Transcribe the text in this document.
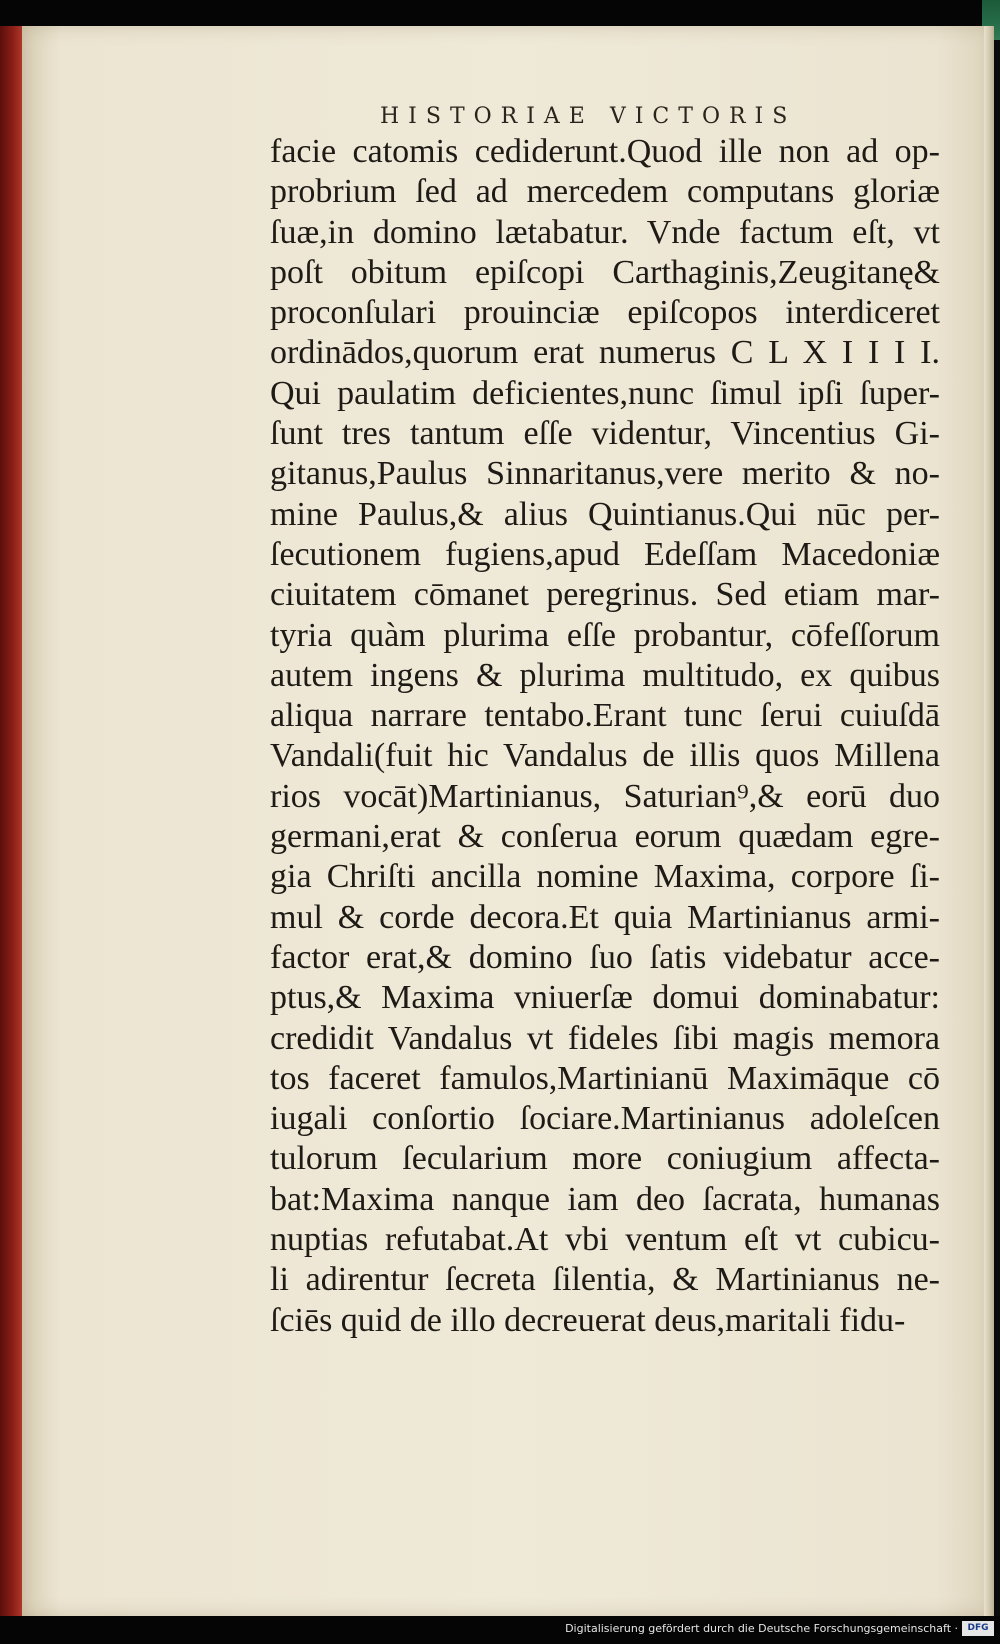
HISTORIAE VICTORIS
facie catomis cediderunt.Quod ille non ad op-
probrium ſed ad mercedem computans gloriæ
ſuæ,in domino lætabatur. Vnde factum eſt, vt
poſt obitum epiſcopi Carthaginis,Zeugitanę&
proconſulari prouinciæ epiſcopos interdiceret
ordinādos,quorum erat numerus C L X I I I I.
Qui paulatim deficientes,nunc ſimul ipſi ſuper-
ſunt tres tantum eſſe videntur, Vincentius Gi-
gitanus,Paulus Sinnaritanus,vere merito & no-
mine Paulus,& alius Quintianus.Qui nūc per-
ſecutionem fugiens,apud Edeſſam Macedoniæ
ciuitatem cōmanet peregrinus. Sed etiam mar-
tyria quàm plurima eſſe probantur, cōfeſſorum
autem ingens & plurima multitudo, ex quibus
aliqua narrare tentabo.Erant tunc ſerui cuiuſdā
Vandali(fuit hic Vandalus de illis quos Millena
rios vocāt)Martinianus, Saturian⁹,& eorū duo
germani,erat & conſerua eorum quædam egre-
gia Chriſti ancilla nomine Maxima, corpore ſi-
mul & corde decora.Et quia Martinianus armi-
factor erat,& domino ſuo ſatis videbatur acce-
ptus,& Maxima vniuerſæ domui dominabatur:
credidit Vandalus vt fideles ſibi magis memora
tos faceret famulos,Martinianū Maximāque cō
iugali conſortio ſociare.Martinianus adoleſcen
tulorum ſecularium more coniugium affecta-
bat:Maxima nanque iam deo ſacrata, humanas
nuptias refutabat.At vbi ventum eſt vt cubicu-
li adirentur ſecreta ſilentia, & Martinianus ne-
ſciēs quid de illo decreuerat deus,maritali fidu-
Digitalisierung gefördert durch die Deutsche Forschungsgemeinschaft ·	DFG
